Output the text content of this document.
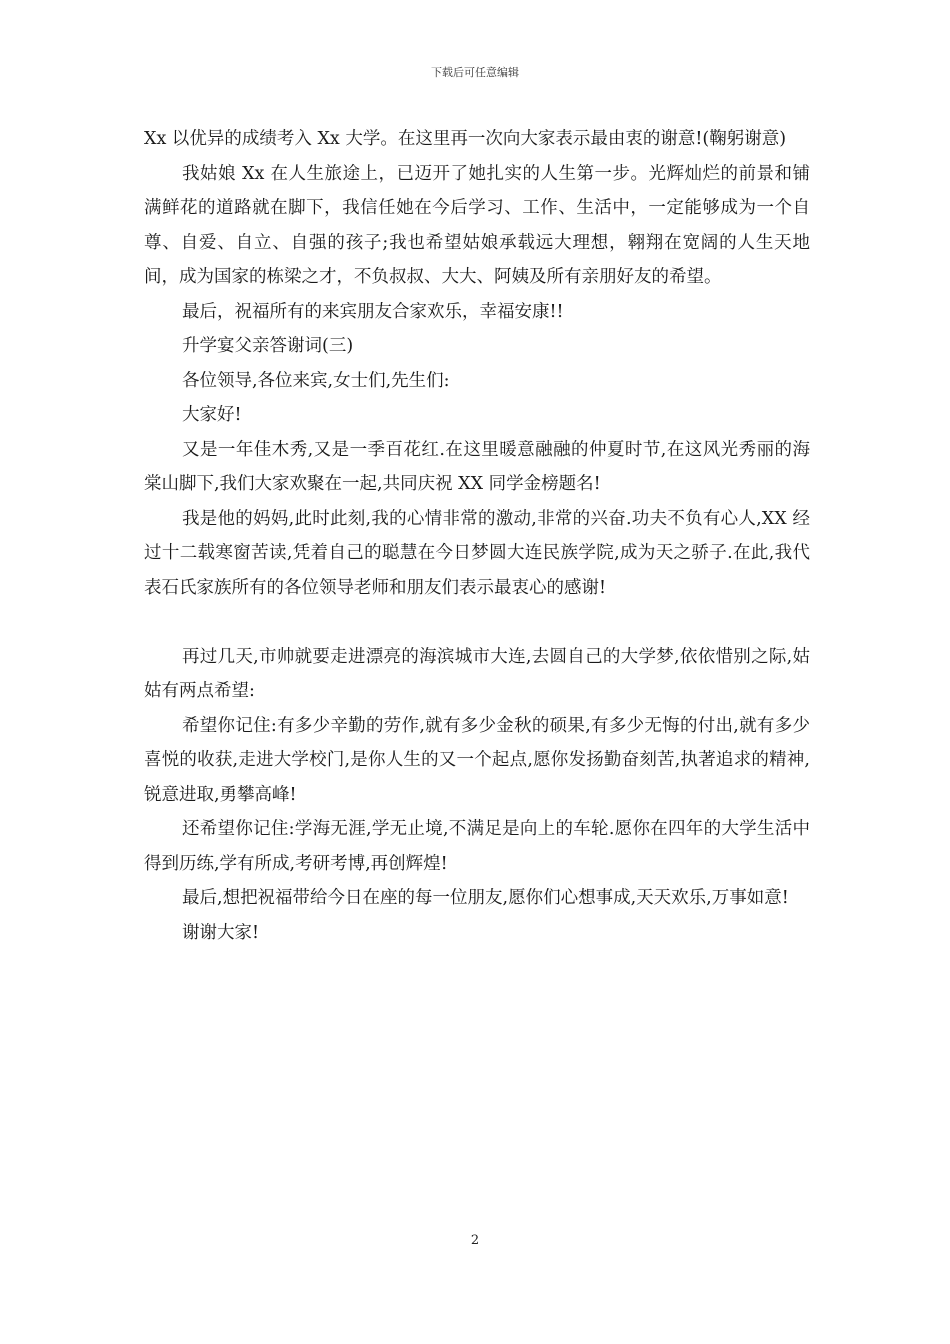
下载后可任意编辑

Xx 以优异的成绩考入 Xx 大学。在这里再一次向大家表示最由衷的谢意!(鞠躬谢意)

我姑娘 Xx 在人生旅途上，已迈开了她扎实的人生第一步。光辉灿烂的前景和铺满鲜花的道路就在脚下，我信任她在今后学习、工作、生活中，一定能够成为一个自尊、自爱、自立、自强的孩子;我也希望姑娘承载远大理想，翱翔在宽阔的人生天地间，成为国家的栋梁之才，不负叔叔、大大、阿姨及所有亲朋好友的希望。

最后，祝福所有的来宾朋友合家欢乐，幸福安康!!

升学宴父亲答谢词(三)

各位领导,各位来宾,女士们,先生们:

大家好!

又是一年佳木秀,又是一季百花红.在这里暖意融融的仲夏时节,在这风光秀丽的海棠山脚下,我们大家欢聚在一起,共同庆祝 XX 同学金榜题名!

我是他的妈妈,此时此刻,我的心情非常的激动,非常的兴奋.功夫不负有心人,XX 经过十二载寒窗苦读,凭着自己的聪慧在今日梦圆大连民族学院,成为天之骄子.在此,我代表石氏家族所有的各位领导老师和朋友们表示最衷心的感谢!

再过几天,市帅就要走进漂亮的海滨城市大连,去圆自己的大学梦,依依惜别之际,姑姑有两点希望:

希望你记住:有多少辛勤的劳作,就有多少金秋的硕果,有多少无悔的付出,就有多少喜悦的收获,走进大学校门,是你人生的又一个起点,愿你发扬勤奋刻苦,执著追求的精神,锐意进取,勇攀高峰!

还希望你记住:学海无涯,学无止境,不满足是向上的车轮.愿你在四年的大学生活中得到历练,学有所成,考研考博,再创辉煌!

最后,想把祝福带给今日在座的每一位朋友,愿你们心想事成,天天欢乐,万事如意!

谢谢大家!

2
